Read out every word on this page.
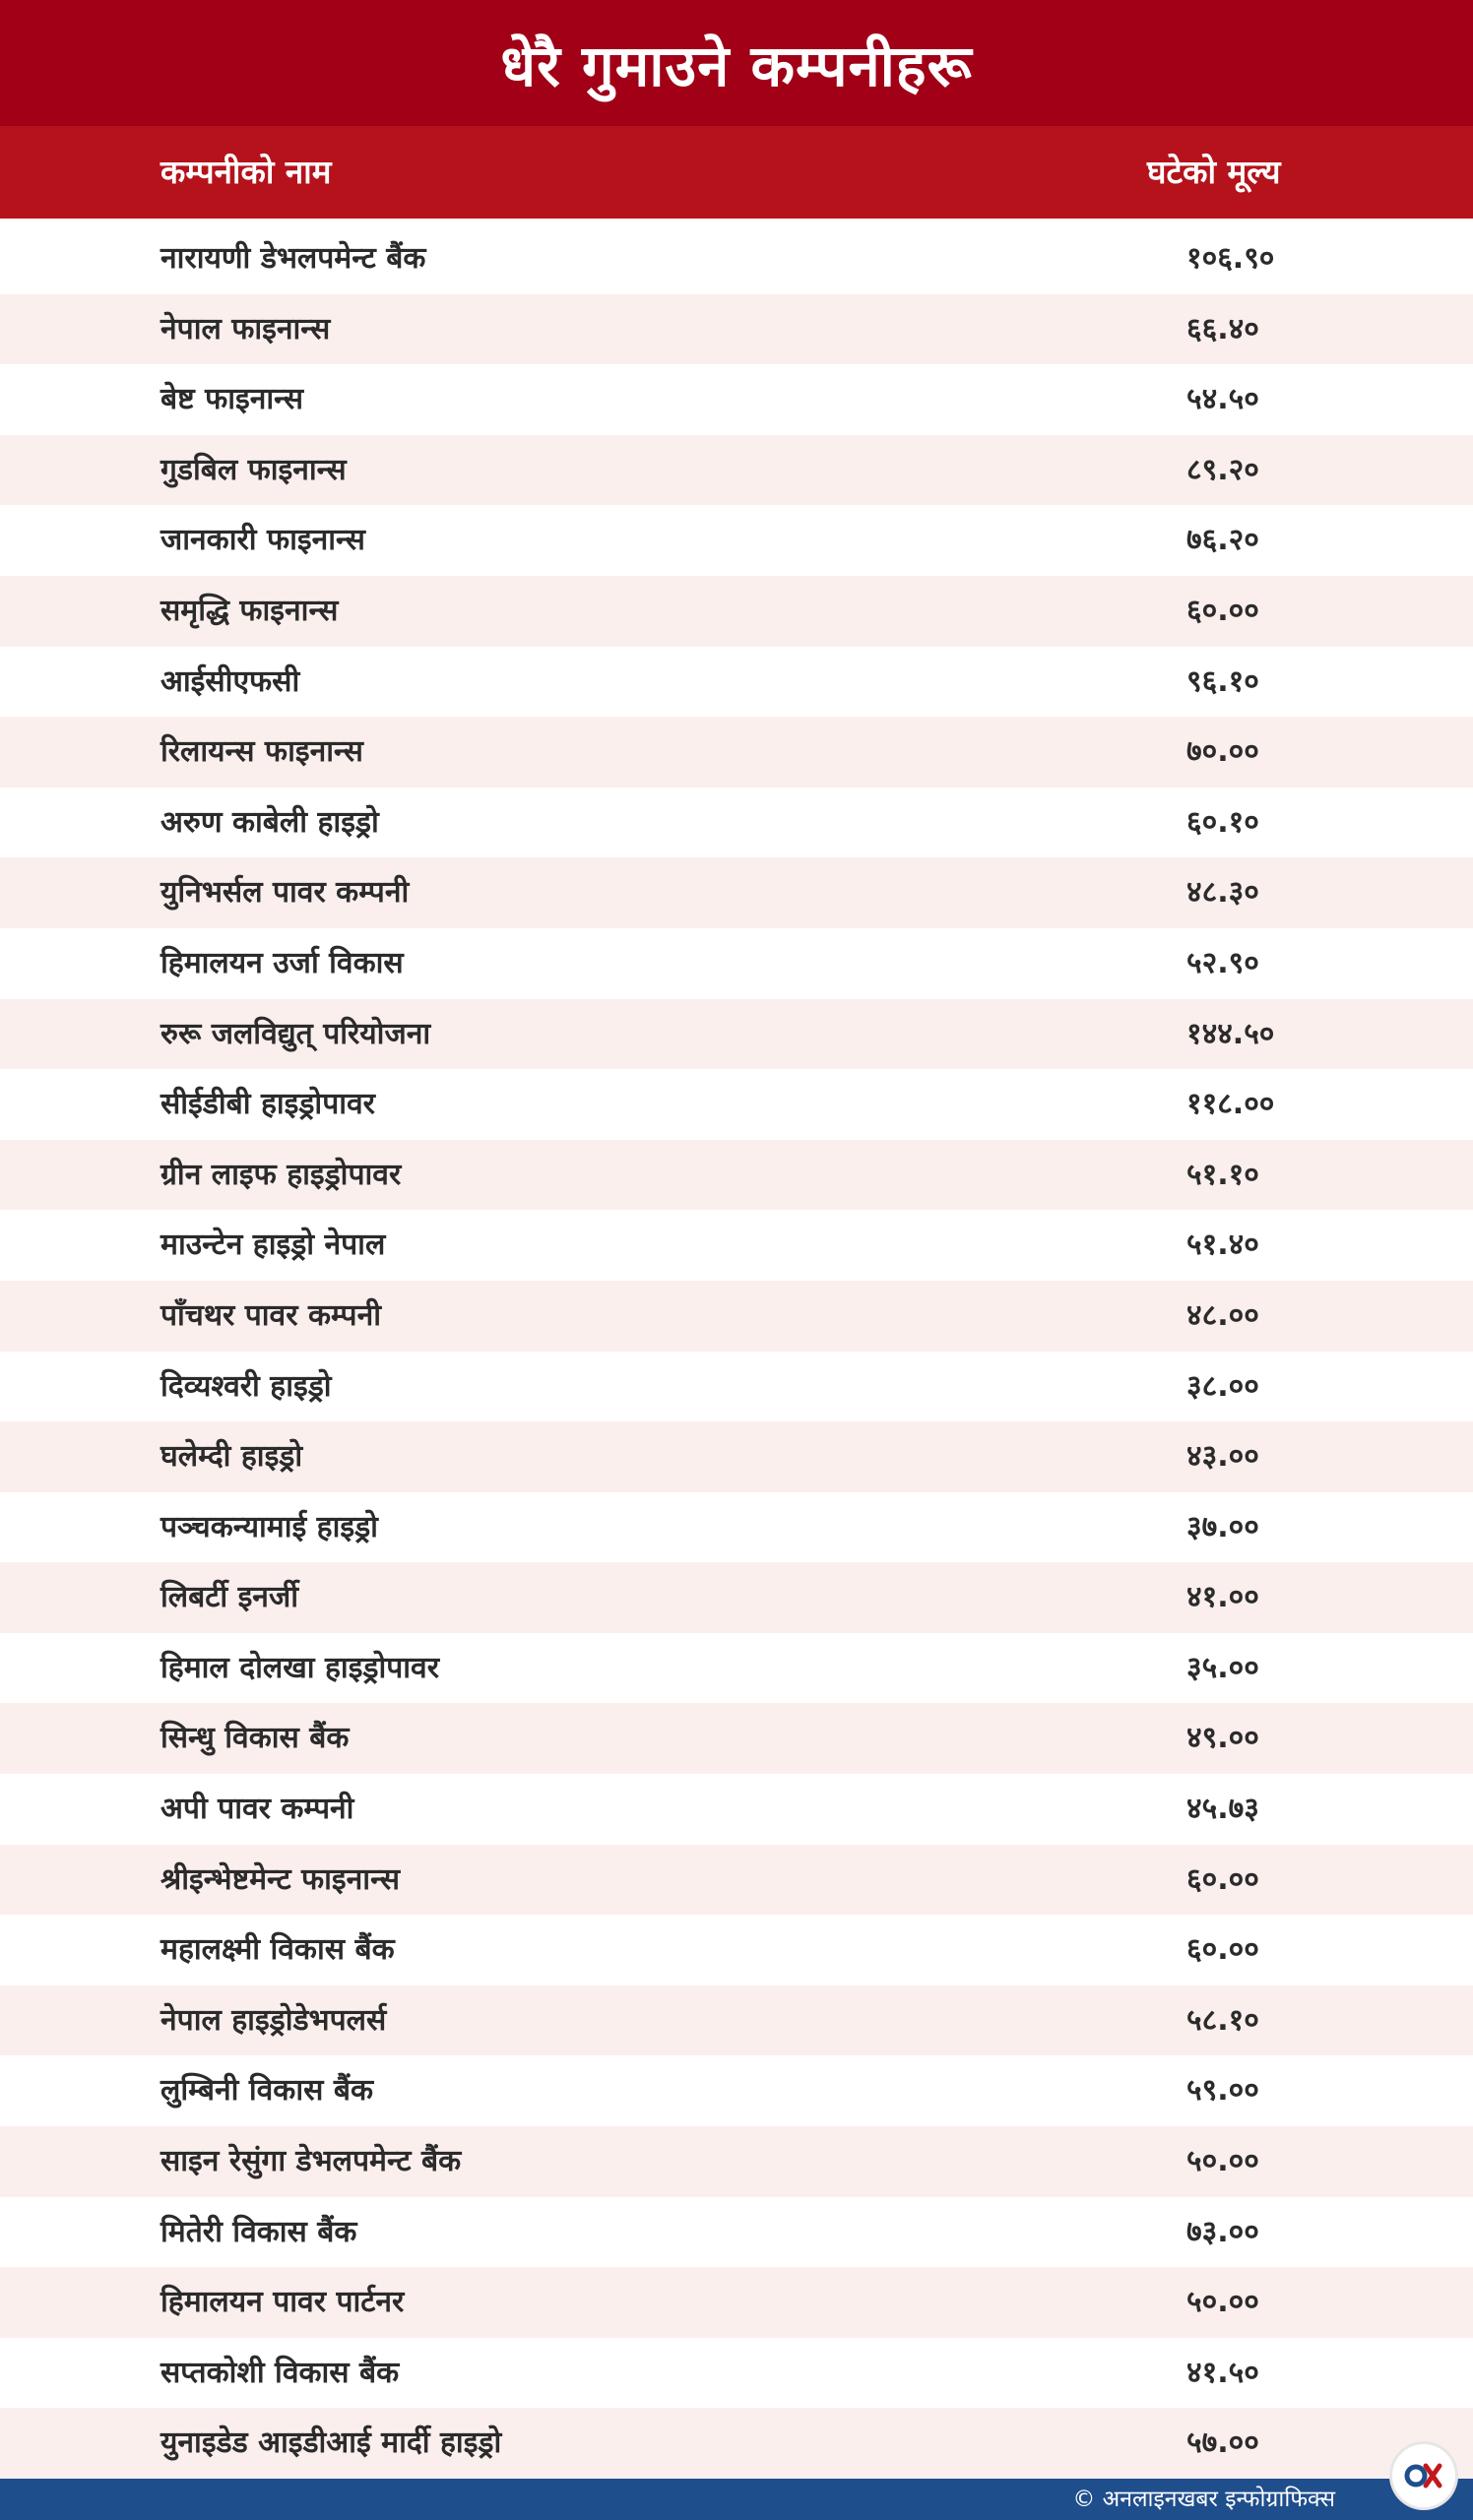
धेरै गुमाउने कम्पनीहरू
कम्पनीको नाम	घटेको मूल्य
नारायणी डेभलपमेन्ट बैंक	१०६.९०
नेपाल फाइनान्स	६६.४०
बेष्ट फाइनान्स	५४.५०
गुडबिल फाइनान्स	८९.२०
जानकारी फाइनान्स	७६.२०
समृद्धि फाइनान्स	६०.००
आईसीएफसी	९६.१०
रिलायन्स फाइनान्स	७०.००
अरुण काबेली हाइड्रो	६०.१०
युनिभर्सल पावर कम्पनी	४८.३०
हिमालयन उर्जा विकास	५२.९०
रुरू जलविद्युत् परियोजना	१४४.५०
सीईडीबी हाइड्रोपावर	११८.००
ग्रीन लाइफ हाइड्रोपावर	५१.१०
माउन्टेन हाइड्रो नेपाल	५१.४०
पाँचथर पावर कम्पनी	४८.००
दिव्यश्वरी हाइड्रो	३८.००
घलेम्दी हाइड्रो	४३.००
पञ्चकन्यामाई हाइड्रो	३७.००
लिबर्टी इनर्जी	४१.००
हिमाल दोलखा हाइड्रोपावर	३५.००
सिन्धु विकास बैंक	४९.००
अपी पावर कम्पनी	४५.७३
श्रीइन्भेष्टमेन्ट फाइनान्स	६०.००
महालक्ष्मी विकास बैंक	६०.००
नेपाल हाइड्रोडेभपलर्स	५८.१०
लुम्बिनी विकास बैंक	५९.००
साइन रेसुंगा डेभलपमेन्ट बैंक	५०.००
मितेरी विकास बैंक	७३.००
हिमालयन पावर पार्टनर	५०.००
सप्तकोशी विकास बैंक	४१.५०
युनाइडेड आइडीआई मार्दी हाइड्रो	५७.००
© अनलाइनखबर इन्फोग्राफिक्स
